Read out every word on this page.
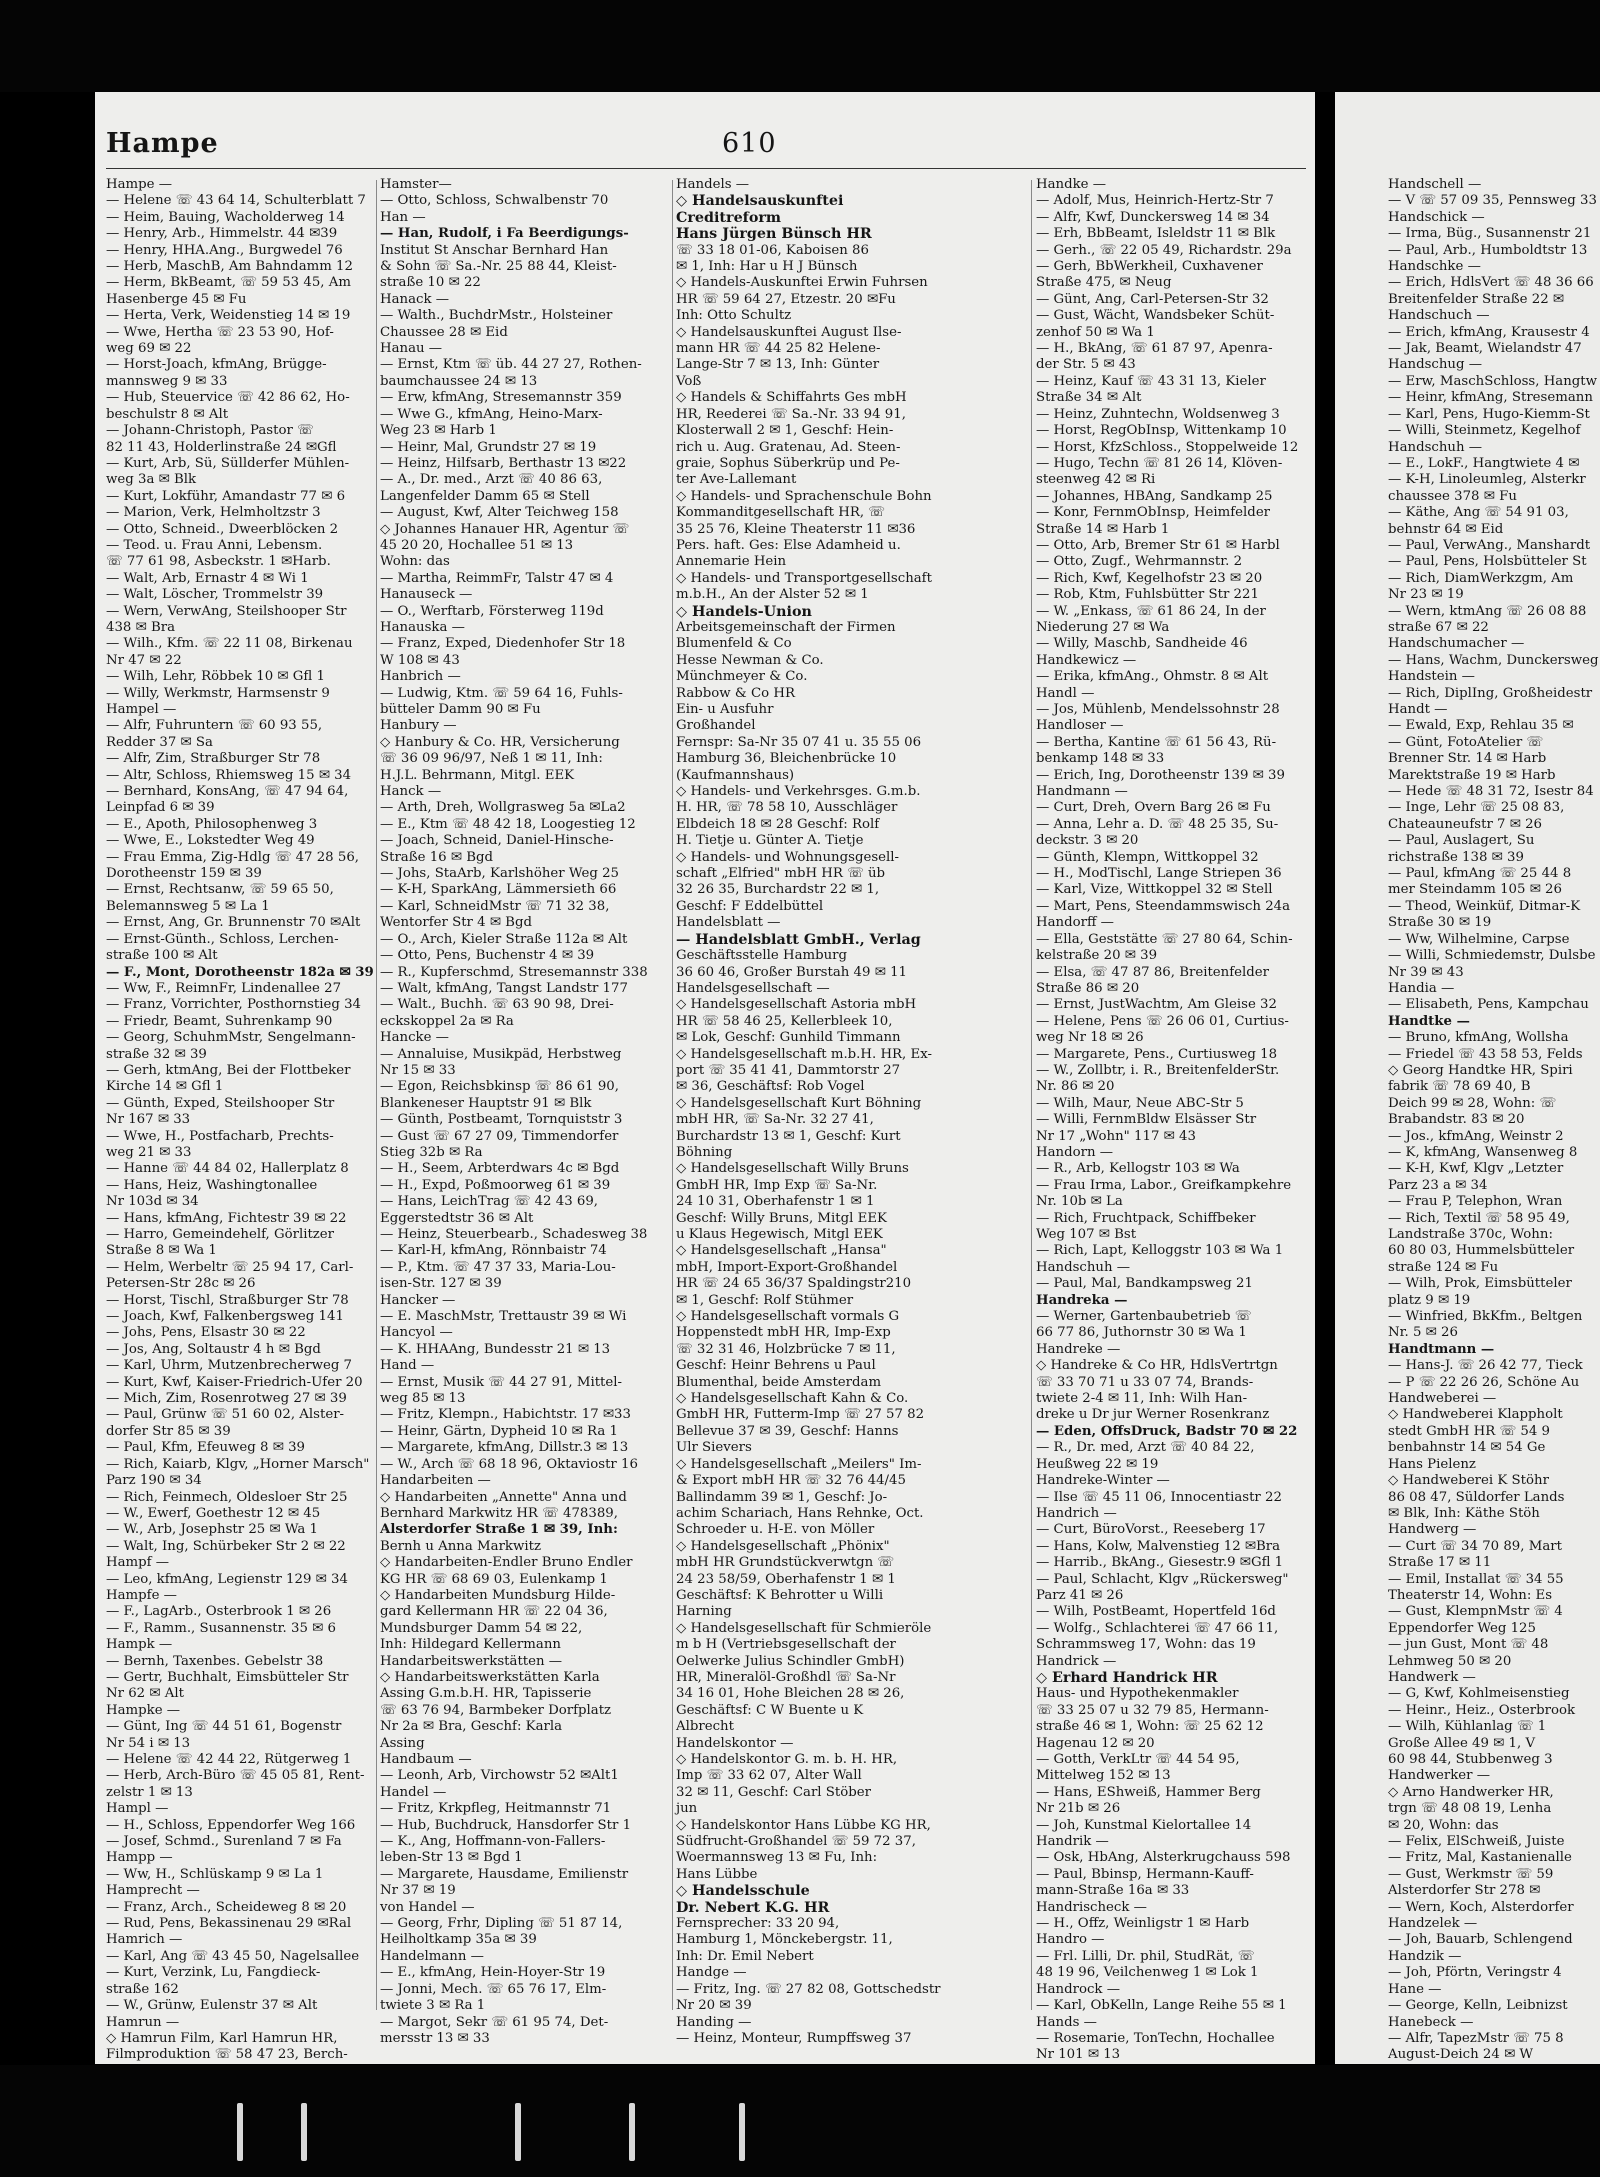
Hampe	610
Hampe —
— Helene ☏ 43 64 14, Schulterblatt 7
— Heim, Bauing, Wacholderweg 14
— Henry, Arb., Himmelstr. 44 ✉39
— Henry, HHA.Ang., Burgwedel 76
— Herb, MaschB, Am Bahndamm 12
— Herm, BkBeamt, ☏ 59 53 45, Am
Hasenberge 45 ✉ Fu
— Herta, Verk, Weidenstieg 14 ✉ 19
— Wwe, Hertha ☏ 23 53 90, Hof-
weg 69 ✉ 22
— Horst-Joach, kfmAng, Brügge-
mannsweg 9 ✉ 33
— Hub, Steuervice ☏ 42 86 62, Ho-
beschulstr 8 ✉ Alt
— Johann-Christoph, Pastor ☏
82 11 43, Holderlinstraße 24 ✉Gfl
— Kurt, Arb, Sü, Süllderfer Mühlen-
weg 3a ✉ Blk
— Kurt, Lokführ, Amandastr 77 ✉ 6
— Marion, Verk, Helmholtzstr 3
— Otto, Schneid., Dweerblöcken 2
— Teod. u. Frau Anni, Lebensm.
☏ 77 61 98, Asbeckstr. 1 ✉Harb.
— Walt, Arb, Ernastr 4 ✉ Wi 1
— Walt, Löscher, Trommelstr 39
— Wern, VerwAng, Steilshooper Str
438 ✉ Bra
— Wilh., Kfm. ☏ 22 11 08, Birkenau
Nr 47 ✉ 22
— Wilh, Lehr, Röbbek 10 ✉ Gfl 1
— Willy, Werkmstr, Harmsenstr 9
Hampel —
— Alfr, Fuhruntern ☏ 60 93 55,
Redder 37 ✉ Sa
— Alfr, Zim, Straßburger Str 78
— Altr, Schloss, Rhiemsweg 15 ✉ 34
— Bernhard, KonsAng, ☏ 47 94 64,
Leinpfad 6 ✉ 39
— E., Apoth, Philosophenweg 3
— Wwe, E., Lokstedter Weg 49
— Frau Emma, Zig-Hdlg ☏ 47 28 56,
Dorotheenstr 159 ✉ 39
— Ernst, Rechtsanw, ☏ 59 65 50,
Belemannsweg 5 ✉ La 1
— Ernst, Ang, Gr. Brunnenstr 70 ✉Alt
— Ernst-Günth., Schloss, Lerchen-
straße 100 ✉ Alt
— F., Mont, Dorotheenstr 182a ✉ 39
— Ww, F., ReimnFr, Lindenallee 27
— Franz, Vorrichter, Posthornstieg 34
— Friedr, Beamt, Suhrenkamp 90
— Georg, SchuhmMstr, Sengelmann-
straße 32 ✉ 39
— Gerh, ktmAng, Bei der Flottbeker
Kirche 14 ✉ Gfl 1
— Günth, Exped, Steilshooper Str
Nr 167 ✉ 33
— Wwe, H., Postfacharb, Prechts-
weg 21 ✉ 33
— Hanne ☏ 44 84 02, Hallerplatz 8
— Hans, Heiz, Washingtonallee
Nr 103d ✉ 34
— Hans, kfmAng, Fichtestr 39 ✉ 22
— Harro, Gemeindehelf, Görlitzer
Straße 8 ✉ Wa 1
— Helm, Werbeltr ☏ 25 94 17, Carl-
Petersen-Str 28c ✉ 26
— Horst, Tischl, Straßburger Str 78
— Joach, Kwf, Falkenbergsweg 141
— Johs, Pens, Elsastr 30 ✉ 22
— Jos, Ang, Soltaustr 4 h ✉ Bgd
— Karl, Uhrm, Mutzenbrecherweg 7
— Kurt, Kwf, Kaiser-Friedrich-Ufer 20
— Mich, Zim, Rosenrotweg 27 ✉ 39
— Paul, Grünw ☏ 51 60 02, Alster-
dorfer Str 85 ✉ 39
— Paul, Kfm, Efeuweg 8 ✉ 39
— Rich, Kaiarb, Klgv, „Horner Marsch"
Parz 190 ✉ 34
— Rich, Feinmech, Oldesloer Str 25
— W., Ewerf, Goethestr 12 ✉ 45
— W., Arb, Josephstr 25 ✉ Wa 1
— Walt, Ing, Schürbeker Str 2 ✉ 22
Hampf —
— Leo, kfmAng, Legienstr 129 ✉ 34
Hampfe —
— F., LagArb., Osterbrook 1 ✉ 26
— F., Ramm., Susannenstr. 35 ✉ 6
Hampk —
— Bernh, Taxenbes. Gebelstr 38
— Gertr, Buchhalt, Eimsbütteler Str
Nr 62 ✉ Alt
Hampke —
— Günt, Ing ☏ 44 51 61, Bogenstr
Nr 54 i ✉ 13
— Helene ☏ 42 44 22, Rütgerweg 1
— Herb, Arch-Büro ☏ 45 05 81, Rent-
zelstr 1 ✉ 13
Hampl —
— H., Schloss, Eppendorfer Weg 166
— Josef, Schmd., Surenland 7 ✉ Fa
Hampp —
— Ww, H., Schlüskamp 9 ✉ La 1
Hamprecht —
— Franz, Arch., Scheideweg 8 ✉ 20
— Rud, Pens, Bekassinenau 29 ✉Ral
Hamrich —
— Karl, Ang ☏ 43 45 50, Nagelsallee
— Kurt, Verzink, Lu, Fangdieck-
straße 162
— W., Grünw, Eulenstr 37 ✉ Alt
Hamrun —
◇ Hamrun Film, Karl Hamrun HR,
Filmproduktion ☏ 58 47 23, Berch-
Hamster—
— Otto, Schloss, Schwalbenstr 70
Han —
— Han, Rudolf, i Fa Beerdigungs-
Institut St Anschar Bernhard Han
& Sohn ☏ Sa.-Nr. 25 88 44, Kleist-
straße 10 ✉ 22
Hanack —
— Walth., BuchdrMstr., Holsteiner
Chaussee 28 ✉ Eid
Hanau —
— Ernst, Ktm ☏ üb. 44 27 27, Rothen-
baumchaussee 24 ✉ 13
— Erw, kfmAng, Stresemannstr 359
— Wwe G., kfmAng, Heino-Marx-
Weg 23 ✉ Harb 1
— Heinr, Mal, Grundstr 27 ✉ 19
— Heinz, Hilfsarb, Berthastr 13 ✉22
— A., Dr. med., Arzt ☏ 40 86 63,
Langenfelder Damm 65 ✉ Stell
— August, Kwf, Alter Teichweg 158
◇ Johannes Hanauer HR, Agentur ☏
45 20 20, Hochallee 51 ✉ 13
Wohn: das
— Martha, ReimmFr, Talstr 47 ✉ 4
Hanauseck —
— O., Werftarb, Försterweg 119d
Hanauska —
— Franz, Exped, Diedenhofer Str 18
W 108 ✉ 43
Hanbrich —
— Ludwig, Ktm. ☏ 59 64 16, Fuhls-
bütteler Damm 90 ✉ Fu
Hanbury —
◇ Hanbury & Co. HR, Versicherung
☏ 36 09 96/97, Neß 1 ✉ 11, Inh:
H.J.L. Behrmann, Mitgl. EEK
Hanck —
— Arth, Dreh, Wollgrasweg 5a ✉La2
— E., Ktm ☏ 48 42 18, Loogestieg 12
— Joach, Schneid, Daniel-Hinsche-
Straße 16 ✉ Bgd
— Johs, StaArb, Karlshöher Weg 25
— K-H, SparkAng, Lämmersieth 66
— Karl, SchneidMstr ☏ 71 32 38,
Wentorfer Str 4 ✉ Bgd
— O., Arch, Kieler Straße 112a ✉ Alt
— Otto, Pens, Buchenstr 4 ✉ 39
— R., Kupferschmd, Stresemannstr 338
— Walt, kfmAng, Tangst Landstr 177
— Walt., Buchh. ☏ 63 90 98, Drei-
eckskoppel 2a ✉ Ra
Hancke —
— Annaluise, Musikpäd, Herbstweg
Nr 15 ✉ 33
— Egon, Reichsbkinsp ☏ 86 61 90,
Blankeneser Hauptstr 91 ✉ Blk
— Günth, Postbeamt, Tornquiststr 3
— Gust ☏ 67 27 09, Timmendorfer
Stieg 32b ✉ Ra
— H., Seem, Arbterdwars 4c ✉ Bgd
— H., Expd, Poßmoorweg 61 ✉ 39
— Hans, LeichTrag ☏ 42 43 69,
Eggerstedtstr 36 ✉ Alt
— Heinz, Steuerbearb., Schadesweg 38
— Karl-H, kfmAng, Rönnbaistr 74
— P., Ktm. ☏ 47 37 33, Maria-Lou-
isen-Str. 127 ✉ 39
Hancker —
— E. MaschMstr, Trettaustr 39 ✉ Wi
Hancyol —
— K. HHAAng, Bundesstr 21 ✉ 13
Hand —
— Ernst, Musik ☏ 44 27 91, Mittel-
weg 85 ✉ 13
— Fritz, Klempn., Habichtstr. 17 ✉33
— Heinr, Gärtn, Dypheid 10 ✉ Ra 1
— Margarete, kfmAng, Dillstr.3 ✉ 13
— W., Arch ☏ 68 18 96, Oktaviostr 16
Handarbeiten —
◇ Handarbeiten „Annette" Anna und
Bernhard Markwitz HR ☏ 478389,
Alsterdorfer Straße 1 ✉ 39, Inh:
Bernh u Anna Markwitz
◇ Handarbeiten-Endler Bruno Endler
KG HR ☏ 68 69 03, Eulenkamp 1
◇ Handarbeiten Mundsburg Hilde-
gard Kellermann HR ☏ 22 04 36,
Mundsburger Damm 54 ✉ 22,
Inh: Hildegard Kellermann
Handarbeitswerkstätten —
◇ Handarbeitswerkstätten Karla
Assing G.m.b.H. HR, Tapisserie
☏ 63 76 94, Barmbeker Dorfplatz
Nr 2a ✉ Bra, Geschf: Karla
Assing
Handbaum —
— Leonh, Arb, Virchowstr 52 ✉Alt1
Handel —
— Fritz, Krkpfleg, Heitmannstr 71
— Hub, Buchdruck, Hansdorfer Str 1
— K., Ang, Hoffmann-von-Fallers-
leben-Str 13 ✉ Bgd 1
— Margarete, Hausdame, Emilienstr
Nr 37 ✉ 19
von Handel —
— Georg, Frhr, Dipling ☏ 51 87 14,
Heilholtkamp 35a ✉ 39
Handelmann —
— E., kfmAng, Hein-Hoyer-Str 19
— Jonni, Mech. ☏ 65 76 17, Elm-
twiete 3 ✉ Ra 1
— Margot, Sekr ☏ 61 95 74, Det-
mersstr 13 ✉ 33
Handels —
◇ Handelsauskunftei
Creditreform
Hans Jürgen Bünsch HR
☏ 33 18 01-06, Kaboisen 86
✉ 1, Inh: Har u H J Bünsch
◇ Handels-Auskunftei Erwin Fuhrsen
HR ☏ 59 64 27, Etzestr. 20 ✉Fu
Inh: Otto Schultz
◇ Handelsauskunftei August Ilse-
mann HR ☏ 44 25 82 Helene-
Lange-Str 7 ✉ 13, Inh: Günter
Voß
◇ Handels & Schiffahrts Ges mbH
HR, Reederei ☏ Sa.-Nr. 33 94 91,
Klosterwall 2 ✉ 1, Geschf: Hein-
rich u. Aug. Gratenau, Ad. Steen-
graie, Sophus Süberkrüp und Pe-
ter Ave-Lallemant
◇ Handels- und Sprachenschule Bohn
Kommanditgesellschaft HR, ☏
35 25 76, Kleine Theaterstr 11 ✉36
Pers. haft. Ges: Else Adamheid u.
Annemarie Hein
◇ Handels- und Transportgesellschaft
m.b.H., An der Alster 52 ✉ 1
◇ Handels-Union
Arbeitsgemeinschaft der Firmen
Blumenfeld & Co
Hesse Newman & Co.
Münchmeyer & Co.
Rabbow & Co HR
Ein- u Ausfuhr
Großhandel
Fernspr: Sa-Nr 35 07 41 u. 35 55 06
Hamburg 36, Bleichenbrücke 10
(Kaufmannshaus)
◇ Handels- und Verkehrsges. G.m.b.
H. HR, ☏ 78 58 10, Ausschläger
Elbdeich 18 ✉ 28 Geschf: Rolf
H. Tietje u. Günter A. Tietje
◇ Handels- und Wohnungsgesell-
schaft „Elfried" mbH HR ☏ üb
32 26 35, Burchardstr 22 ✉ 1,
Geschf: F Eddelbüttel
Handelsblatt —
— Handelsblatt GmbH., Verlag
Geschäftsstelle Hamburg
36 60 46, Großer Burstah 49 ✉ 11
Handelsgesellschaft —
◇ Handelsgesellschaft Astoria mbH
HR ☏ 58 46 25, Kellerbleek 10,
✉ Lok, Geschf: Gunhild Timmann
◇ Handelsgesellschaft m.b.H. HR, Ex-
port ☏ 35 41 41, Dammtorstr 27
✉ 36, Geschäftsf: Rob Vogel
◇ Handelsgesellschaft Kurt Böhning
mbH HR, ☏ Sa-Nr. 32 27 41,
Burchardstr 13 ✉ 1, Geschf: Kurt
Böhning
◇ Handelsgesellschaft Willy Bruns
GmbH HR, Imp Exp ☏ Sa-Nr.
24 10 31, Oberhafenstr 1 ✉ 1
Geschf: Willy Bruns, Mitgl EEK
u Klaus Hegewisch, Mitgl EEK
◇ Handelsgesellschaft „Hansa"
mbH, Import-Export-Großhandel
HR ☏ 24 65 36/37 Spaldingstr210
✉ 1, Geschf: Rolf Stühmer
◇ Handelsgesellschaft vormals G
Hoppenstedt mbH HR, Imp-Exp
☏ 32 31 46, Holzbrücke 7 ✉ 11,
Geschf: Heinr Behrens u Paul
Blumenthal, beide Amsterdam
◇ Handelsgesellschaft Kahn & Co.
GmbH HR, Futterm-Imp ☏ 27 57 82
Bellevue 37 ✉ 39, Geschf: Hanns
Ulr Sievers
◇ Handelsgesellschaft „Meilers" Im-
& Export mbH HR ☏ 32 76 44/45
Ballindamm 39 ✉ 1, Geschf: Jo-
achim Schariach, Hans Rehnke, Oct.
Schroeder u. H-E. von Möller
◇ Handelsgesellschaft „Phönix"
mbH HR Grundstückverwtgn ☏
24 23 58/59, Oberhafenstr 1 ✉ 1
Geschäftsf: K Behrotter u Willi
Harning
◇ Handelsgesellschaft für Schmieröle
m b H (Vertriebsgesellschaft der
Oelwerke Julius Schindler GmbH)
HR, Mineralöl-Großhdl ☏ Sa-Nr
34 16 01, Hohe Bleichen 28 ✉ 26,
Geschäftsf: C W Buente u K
Albrecht
Handelskontor —
◇ Handelskontor G. m. b. H. HR,
Imp ☏ 33 62 07, Alter Wall
32 ✉ 11, Geschf: Carl Stöber
jun
◇ Handelskontor Hans Lübbe KG HR,
Südfrucht-Großhandel ☏ 59 72 37,
Woermannsweg 13 ✉ Fu, Inh:
Hans Lübbe
◇ Handelsschule
Dr. Nebert K.G. HR
Fernsprecher: 33 20 94,
Hamburg 1, Mönckebergstr. 11,
Inh: Dr. Emil Nebert
Handge —
— Fritz, Ing. ☏ 27 82 08, Gottschedstr
Nr 20 ✉ 39
Handing —
— Heinz, Monteur, Rumpffsweg 37
Handke —
— Adolf, Mus, Heinrich-Hertz-Str 7
— Alfr, Kwf, Dunckersweg 14 ✉ 34
— Erh, BbBeamt, Isleldstr 11 ✉ Blk
— Gerh., ☏ 22 05 49, Richardstr. 29a
— Gerh, BbWerkheil, Cuxhavener
Straße 475, ✉ Neug
— Günt, Ang, Carl-Petersen-Str 32
— Gust, Wächt, Wandsbeker Schüt-
zenhof 50 ✉ Wa 1
— H., BkAng, ☏ 61 87 97, Apenra-
der Str. 5 ✉ 43
— Heinz, Kauf ☏ 43 31 13, Kieler
Straße 34 ✉ Alt
— Heinz, Zuhntechn, Woldsenweg 3
— Horst, RegObInsp, Wittenkamp 10
— Horst, KfzSchloss., Stoppelweide 12
— Hugo, Techn ☏ 81 26 14, Klöven-
steenweg 42 ✉ Ri
— Johannes, HBAng, Sandkamp 25
— Konr, FernmObInsp, Heimfelder
Straße 14 ✉ Harb 1
— Otto, Arb, Bremer Str 61 ✉ Harbl
— Otto, Zugf., Wehrmannstr. 2
— Rich, Kwf, Kegelhofstr 23 ✉ 20
— Rob, Ktm, Fuhlsbütter Str 221
— W. „Enkass, ☏ 61 86 24, In der
Niederung 27 ✉ Wa
— Willy, Maschb, Sandheide 46
Handkewicz —
— Erika, kfmAng., Ohmstr. 8 ✉ Alt
Handl —
— Jos, Mühlenb, Mendelssohnstr 28
Handloser —
— Bertha, Kantine ☏ 61 56 43, Rü-
benkamp 148 ✉ 33
— Erich, Ing, Dorotheenstr 139 ✉ 39
Handmann —
— Curt, Dreh, Overn Barg 26 ✉ Fu
— Anna, Lehr a. D. ☏ 48 25 35, Su-
deckstr. 3 ✉ 20
— Günth, Klempn, Wittkoppel 32
— H., ModTischl, Lange Striepen 36
— Karl, Vize, Wittkoppel 32 ✉ Stell
— Mart, Pens, Steendammswisch 24a
Handorff —
— Ella, Geststätte ☏ 27 80 64, Schin-
kelstraße 20 ✉ 39
— Elsa, ☏ 47 87 86, Breitenfelder
Straße 86 ✉ 20
— Ernst, JustWachtm, Am Gleise 32
— Helene, Pens ☏ 26 06 01, Curtius-
weg Nr 18 ✉ 26
— Margarete, Pens., Curtiusweg 18
— W., Zollbtr, i. R., BreitenfelderStr.
Nr. 86 ✉ 20
— Wilh, Maur, Neue ABC-Str 5
— Willi, FernmBldw Elsässer Str
Nr 17 „Wohn" 117 ✉ 43
Handorn —
— R., Arb, Kellogstr 103 ✉ Wa
— Frau Irma, Labor., Greifkampkehre
Nr. 10b ✉ La
— Rich, Fruchtpack, Schiffbeker
Weg 107 ✉ Bst
— Rich, Lapt, Kelloggstr 103 ✉ Wa 1
Handschuh —
— Paul, Mal, Bandkampsweg 21
Handreka —
— Werner, Gartenbaubetrieb ☏
66 77 86, Juthornstr 30 ✉ Wa 1
Handreke —
◇ Handreke & Co HR, HdlsVertrtgn
☏ 33 70 71 u 33 07 74, Brands-
twiete 2-4 ✉ 11, Inh: Wilh Han-
dreke u Dr jur Werner Rosenkranz
— Eden, OffsDruck, Badstr 70 ✉ 22
— R., Dr. med, Arzt ☏ 40 84 22,
Heußweg 22 ✉ 19
Handreke-Winter —
— Ilse ☏ 45 11 06, Innocentiastr 22
Handrich —
— Curt, BüroVorst., Reeseberg 17
— Hans, Kolw, Malvenstieg 12 ✉Bra
— Harrib., BkAng., Giesestr.9 ✉Gfl 1
— Paul, Schlacht, Klgv „Rückersweg"
Parz 41 ✉ 26
— Wilh, PostBeamt, Hopertfeld 16d
— Wolfg., Schlachterei ☏ 47 66 11,
Schrammsweg 17, Wohn: das 19
Handrick —
◇ Erhard Handrick HR
Haus- und Hypothekenmakler
☏ 33 25 07 u 32 79 85, Hermann-
straße 46 ✉ 1, Wohn: ☏ 25 62 12
Hagenau 12 ✉ 20
— Gotth, VerkLtr ☏ 44 54 95,
Mittelweg 152 ✉ 13
— Hans, EShweiß, Hammer Berg
Nr 21b ✉ 26
— Joh, Kunstmal Kielortallee 14
Handrik —
— Osk, HbAng, Alsterkrugchauss 598
— Paul, Bbinsp, Hermann-Kauff-
mann-Straße 16a ✉ 33
Handrischeck —
— H., Offz, Weinligstr 1 ✉ Harb
Handro —
— Frl. Lilli, Dr. phil, StudRät, ☏
48 19 96, Veilchenweg 1 ✉ Lok 1
Handrock —
— Karl, ObKelln, Lange Reihe 55 ✉ 1
Hands —
— Rosemarie, TonTechn, Hochallee
Nr 101 ✉ 13
Handschell —
— V ☏ 57 09 35, Pennsweg 33
Handschick —
— Irma, Büg., Susannenstr 21
— Paul, Arb., Humboldtstr 13
Handschke —
— Erich, HdlsVert ☏ 48 36 66
Breitenfelder Straße 22 ✉
Handschuch —
— Erich, kfmAng, Krausestr 4
— Jak, Beamt, Wielandstr 47
Handschug —
— Erw, MaschSchloss, Hangtw
— Heinr, kfmAng, Stresemann
— Karl, Pens, Hugo-Kiemm-St
— Willi, Steinmetz, Kegelhof
Handschuh —
— E., LokF., Hangtwiete 4 ✉
— K-H, Linoleumleg, Alsterkr
chaussee 378 ✉ Fu
— Käthe, Ang ☏ 54 91 03,
behnstr 64 ✉ Eid
— Paul, VerwAng., Manshardt
— Paul, Pens, Holsbütteler St
— Rich, DiamWerkzgm, Am
Nr 23 ✉ 19
— Wern, ktmAng ☏ 26 08 88
straße 67 ✉ 22
Handschumacher —
— Hans, Wachm, Dunckersweg
Handstein —
— Rich, DiplIng, Großheidestr
Handt —
— Ewald, Exp, Rehlau 35 ✉
— Günt, FotoAtelier ☏
Brenner Str. 14 ✉ Harb
Marektstraße 19 ✉ Harb
— Hede ☏ 48 31 72, Isestr 84
— Inge, Lehr ☏ 25 08 83,
Chateauneufstr 7 ✉ 26
— Paul, Auslagert, Su
richstraße 138 ✉ 39
— Paul, kfmAng ☏ 25 44 8
mer Steindamm 105 ✉ 26
— Theod, Weinküf, Ditmar-K
Straße 30 ✉ 19
— Ww, Wilhelmine, Carpse
— Willi, Schmiedemstr, Dulsbe
Nr 39 ✉ 43
Handia —
— Elisabeth, Pens, Kampchau
Handtke —
— Bruno, kfmAng, Wollsha
— Friedel ☏ 43 58 53, Felds
◇ Georg Handtke HR, Spiri
fabrik ☏ 78 69 40, B
Deich 99 ✉ 28, Wohn: ☏
Brabandstr. 83 ✉ 20
— Jos., kfmAng, Weinstr 2
— K, kfmAng, Wansenweg 8
— K-H, Kwf, Klgv „Letzter
Parz 23 a ✉ 34
— Frau P, Telephon, Wran
— Rich, Textil ☏ 58 95 49,
Landstraße 370c, Wohn:
60 80 03, Hummelsbütteler
straße 124 ✉ Fu
— Wilh, Prok, Eimsbütteler
platz 9 ✉ 19
— Winfried, BkKfm., Beltgen
Nr. 5 ✉ 26
Handtmann —
— Hans-J. ☏ 26 42 77, Tieck
— P ☏ 22 26 26, Schöne Au
Handweberei —
◇ Handweberei Klappholt
stedt GmbH HR ☏ 54 9
benbahnstr 14 ✉ 54 Ge
Hans Pielenz
◇ Handweberei K Stöhr
86 08 47, Süldorfer Lands
✉ Blk, Inh: Käthe Stöh
Handwerg —
— Curt ☏ 34 70 89, Mart
Straße 17 ✉ 11
— Emil, Installat ☏ 34 55
Theaterstr 14, Wohn: Es
— Gust, KlempnMstr ☏ 4
Eppendorfer Weg 125
— jun Gust, Mont ☏ 48
Lehmweg 50 ✉ 20
Handwerk —
— G, Kwf, Kohlmeisenstieg
— Heinr., Heiz., Osterbrook
— Wilh, Kühlanlag ☏ 1
Große Allee 49 ✉ 1, V
60 98 44, Stubbenweg 3
Handwerker —
◇ Arno Handwerker HR,
trgn ☏ 48 08 19, Lenha
✉ 20, Wohn: das
— Felix, ElSchweiß, Juiste
— Fritz, Mal, Kastanienalle
— Gust, Werkmstr ☏ 59
Alsterdorfer Str 278 ✉
— Wern, Koch, Alsterdorfer
Handzelek —
— Joh, Bauarb, Schlengend
Handzik —
— Joh, Pförtn, Veringstr 4
Hane —
— George, Kelln, Leibnizst
Hanebeck —
— Alfr, TapezMstr ☏ 75 8
August-Deich 24 ✉ W
